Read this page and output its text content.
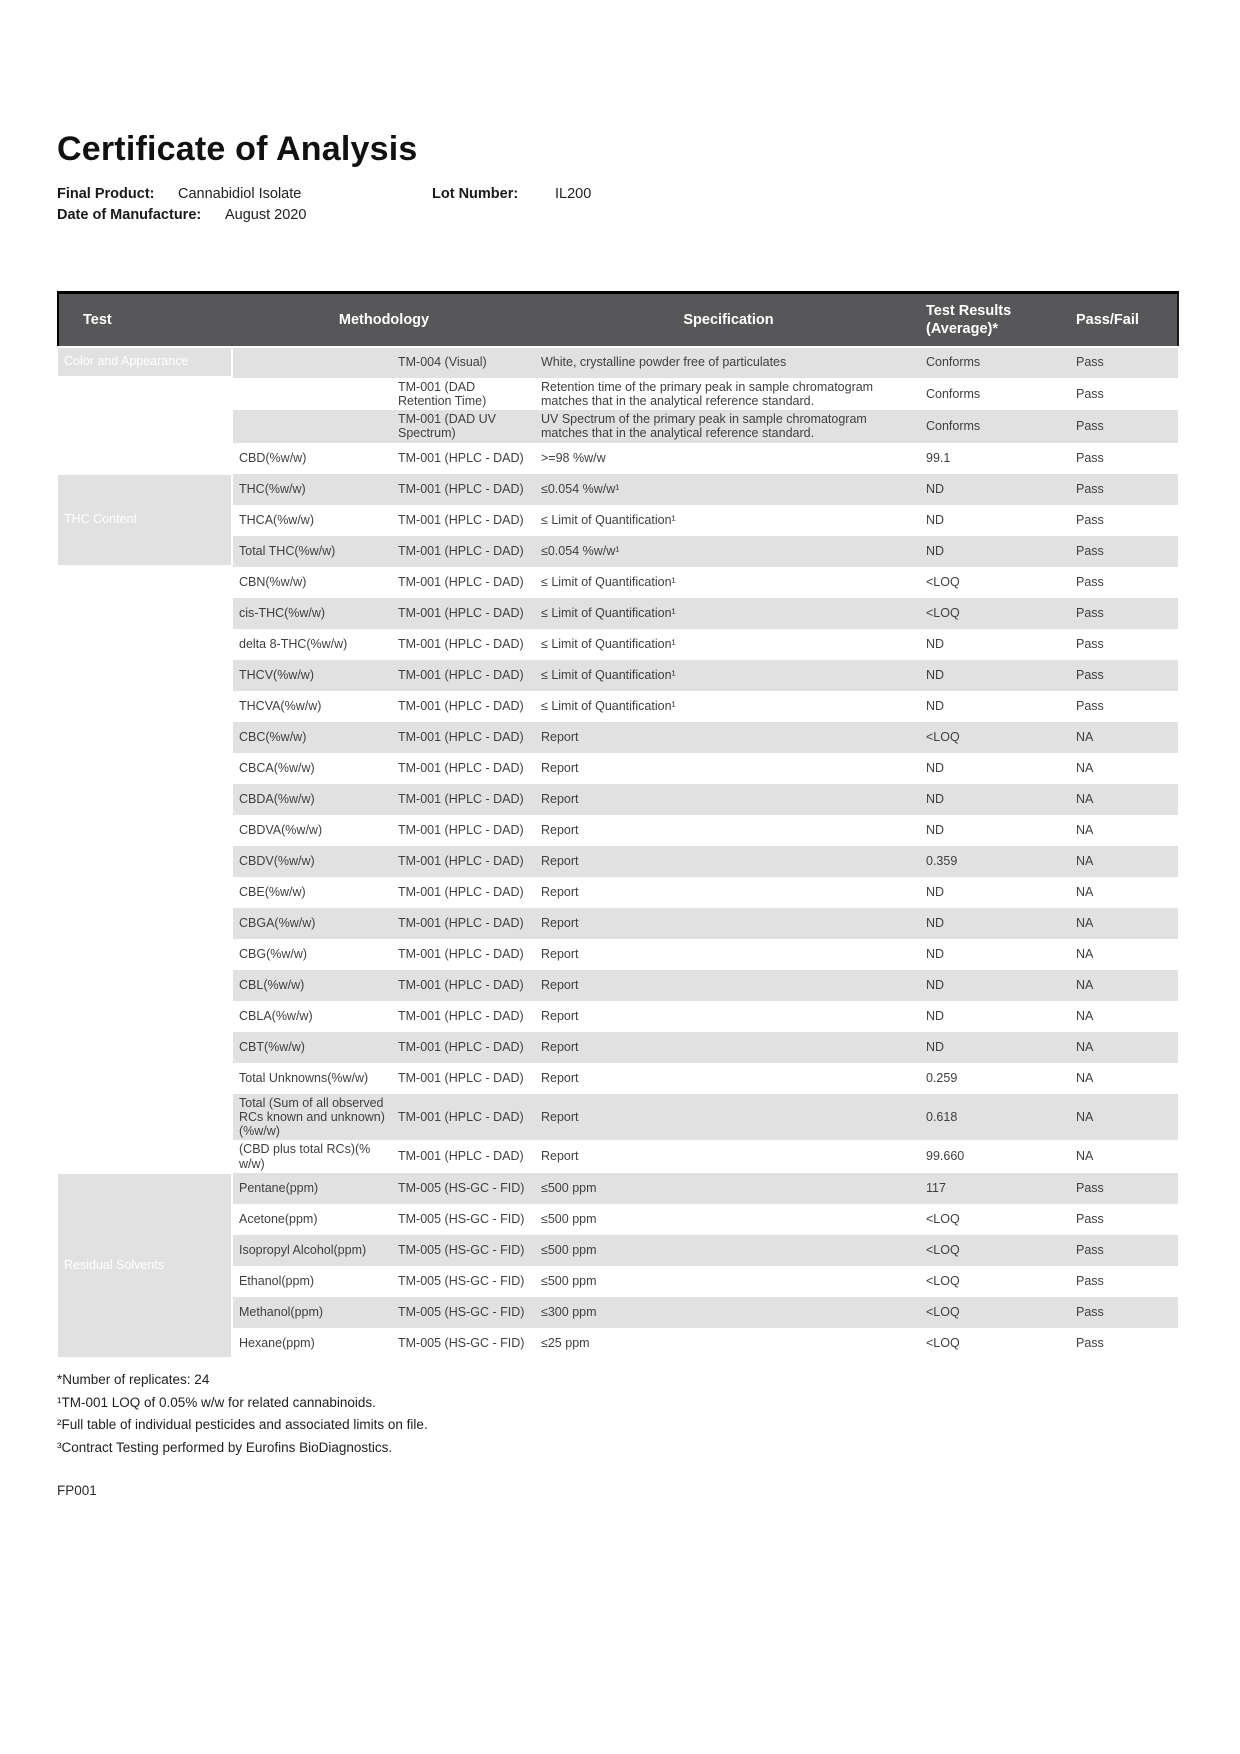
Certificate of Analysis
Final Product: Cannabidiol Isolate	Lot Number:	IL200
Date of Manufacture: August 2020
Test	Methodology		Specification	Test Results (Average)*	Pass/Fail
Color and Appearance		TM-004 (Visual)	White, crystalline powder free of particulates	Conforms	Pass
Cannabidiol Identification		TM-001 (DAD Retention Time)	Retention time of the primary peak in sample chromatogram matches that in the analytical reference standard.	Conforms	Pass
		TM-001 (DAD UV Spectrum)	UV Spectrum of the primary peak in sample chromatogram matches that in the analytical reference standard.	Conforms	Pass
CBD Potency	CBD(%w/w)	TM-001 (HPLC - DAD)	>=98 %w/w	99.1	Pass
THC Content	THC(%w/w)	TM-001 (HPLC - DAD)	≤0.054 %w/w¹	ND	Pass
	THCA(%w/w)	TM-001 (HPLC - DAD)	≤ Limit of Quantification¹	ND	Pass
	Total THC(%w/w)	TM-001 (HPLC - DAD)	≤0.054 %w/w¹	ND	Pass
Related Cannabinoid Content	CBN(%w/w)	TM-001 (HPLC - DAD)	≤ Limit of Quantification¹	<LOQ	Pass
	cis-THC(%w/w)	TM-001 (HPLC - DAD)	≤ Limit of Quantification¹	<LOQ	Pass
	delta 8-THC(%w/w)	TM-001 (HPLC - DAD)	≤ Limit of Quantification¹	ND	Pass
	THCV(%w/w)	TM-001 (HPLC - DAD)	≤ Limit of Quantification¹	ND	Pass
	THCVA(%w/w)	TM-001 (HPLC - DAD)	≤ Limit of Quantification¹	ND	Pass
	CBC(%w/w)	TM-001 (HPLC - DAD)	Report	<LOQ	NA
	CBCA(%w/w)	TM-001 (HPLC - DAD)	Report	ND	NA
	CBDA(%w/w)	TM-001 (HPLC - DAD)	Report	ND	NA
	CBDVA(%w/w)	TM-001 (HPLC - DAD)	Report	ND	NA
	CBDV(%w/w)	TM-001 (HPLC - DAD)	Report	0.359	NA
	CBE(%w/w)	TM-001 (HPLC - DAD)	Report	ND	NA
	CBGA(%w/w)	TM-001 (HPLC - DAD)	Report	ND	NA
	CBG(%w/w)	TM-001 (HPLC - DAD)	Report	ND	NA
	CBL(%w/w)	TM-001 (HPLC - DAD)	Report	ND	NA
	CBLA(%w/w)	TM-001 (HPLC - DAD)	Report	ND	NA
	CBT(%w/w)	TM-001 (HPLC - DAD)	Report	ND	NA
	Total Unknowns(%w/w)	TM-001 (HPLC - DAD)	Report	0.259	NA
	Total (Sum of all observed RCs known and unknown) (%w/w)	TM-001 (HPLC - DAD)	Report	0.618	NA
Total Cannabinoids	(CBD plus total RCs)(% w/w)	TM-001 (HPLC - DAD)	Report	99.660	NA
Residual Solvents	Pentane(ppm)	TM-005 (HS-GC - FID)	≤500 ppm	117	Pass
	Acetone(ppm)	TM-005 (HS-GC - FID)	≤500 ppm	<LOQ	Pass
	Isopropyl Alcohol(ppm)	TM-005 (HS-GC - FID)	≤500 ppm	<LOQ	Pass
	Ethanol(ppm)	TM-005 (HS-GC - FID)	≤500 ppm	<LOQ	Pass
	Methanol(ppm)	TM-005 (HS-GC - FID)	≤300 ppm	<LOQ	Pass
	Hexane(ppm)	TM-005 (HS-GC - FID)	≤25 ppm	<LOQ	Pass
*Number of replicates: 24
¹TM-001 LOQ of 0.05% w/w for related cannabinoids.
²Full table of individual pesticides and associated limits on file.
³Contract Testing performed by Eurofins BioDiagnostics.
FP001
